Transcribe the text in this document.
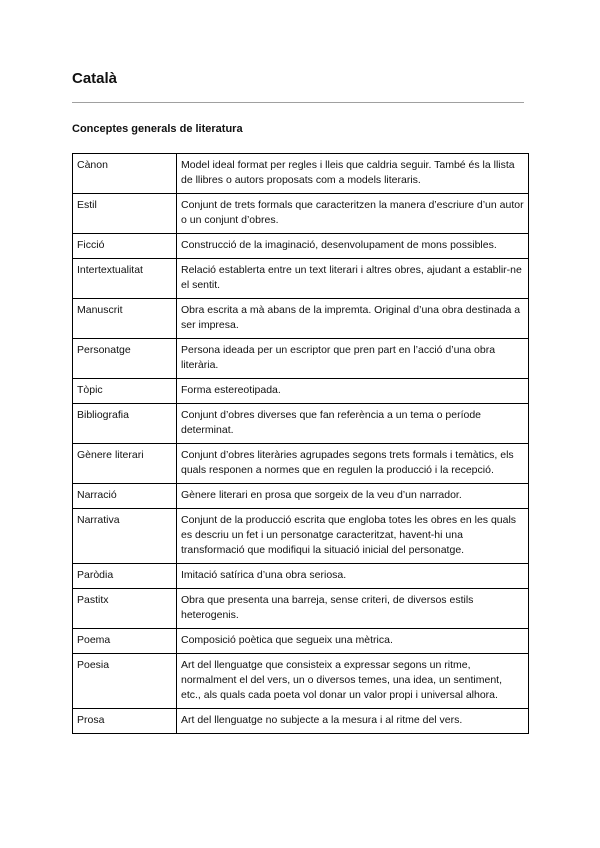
Català
Conceptes generals de literatura
Cànon	Model ideal format per regles i lleis que caldria seguir. També és la llista de llibres o autors proposats com a models literaris.
Estil	Conjunt de trets formals que caracteritzen la manera d’escriure d’un autor o un conjunt d’obres.
Ficció	Construcció de la imaginació, desenvolupament de mons possibles.
Intertextualitat	Relació establerta entre un text literari i altres obres, ajudant a establir-ne el sentit.
Manuscrit	Obra escrita a mà abans de la impremta. Original d’una obra destinada a ser impresa.
Personatge	Persona ideada per un escriptor que pren part en l’acció d’una obra literària.
Tòpic	Forma estereotipada.
Bibliografia	Conjunt d’obres diverses que fan referència a un tema o període determinat.
Gènere literari	Conjunt d’obres literàries agrupades segons trets formals i temàtics, els quals responen a normes que en regulen la producció i la recepció.
Narració	Gènere literari en prosa que sorgeix de la veu d’un narrador.
Narrativa	Conjunt de la producció escrita que engloba totes les obres en les quals es descriu un fet i un personatge caracteritzat, havent-hi una transformació que modifiqui la situació inicial del personatge.
Paròdia	Imitació satírica d’una obra seriosa.
Pastitx	Obra que presenta una barreja, sense criteri, de diversos estils heterogenis.
Poema	Composició poètica que segueix una mètrica.
Poesia	Art del llenguatge que consisteix a expressar segons un ritme, normalment el del vers, un o diversos temes, una idea, un sentiment, etc., als quals cada poeta vol donar un valor propi i universal alhora.
Prosa	Art del llenguatge no subjecte a la mesura i al ritme del vers.
